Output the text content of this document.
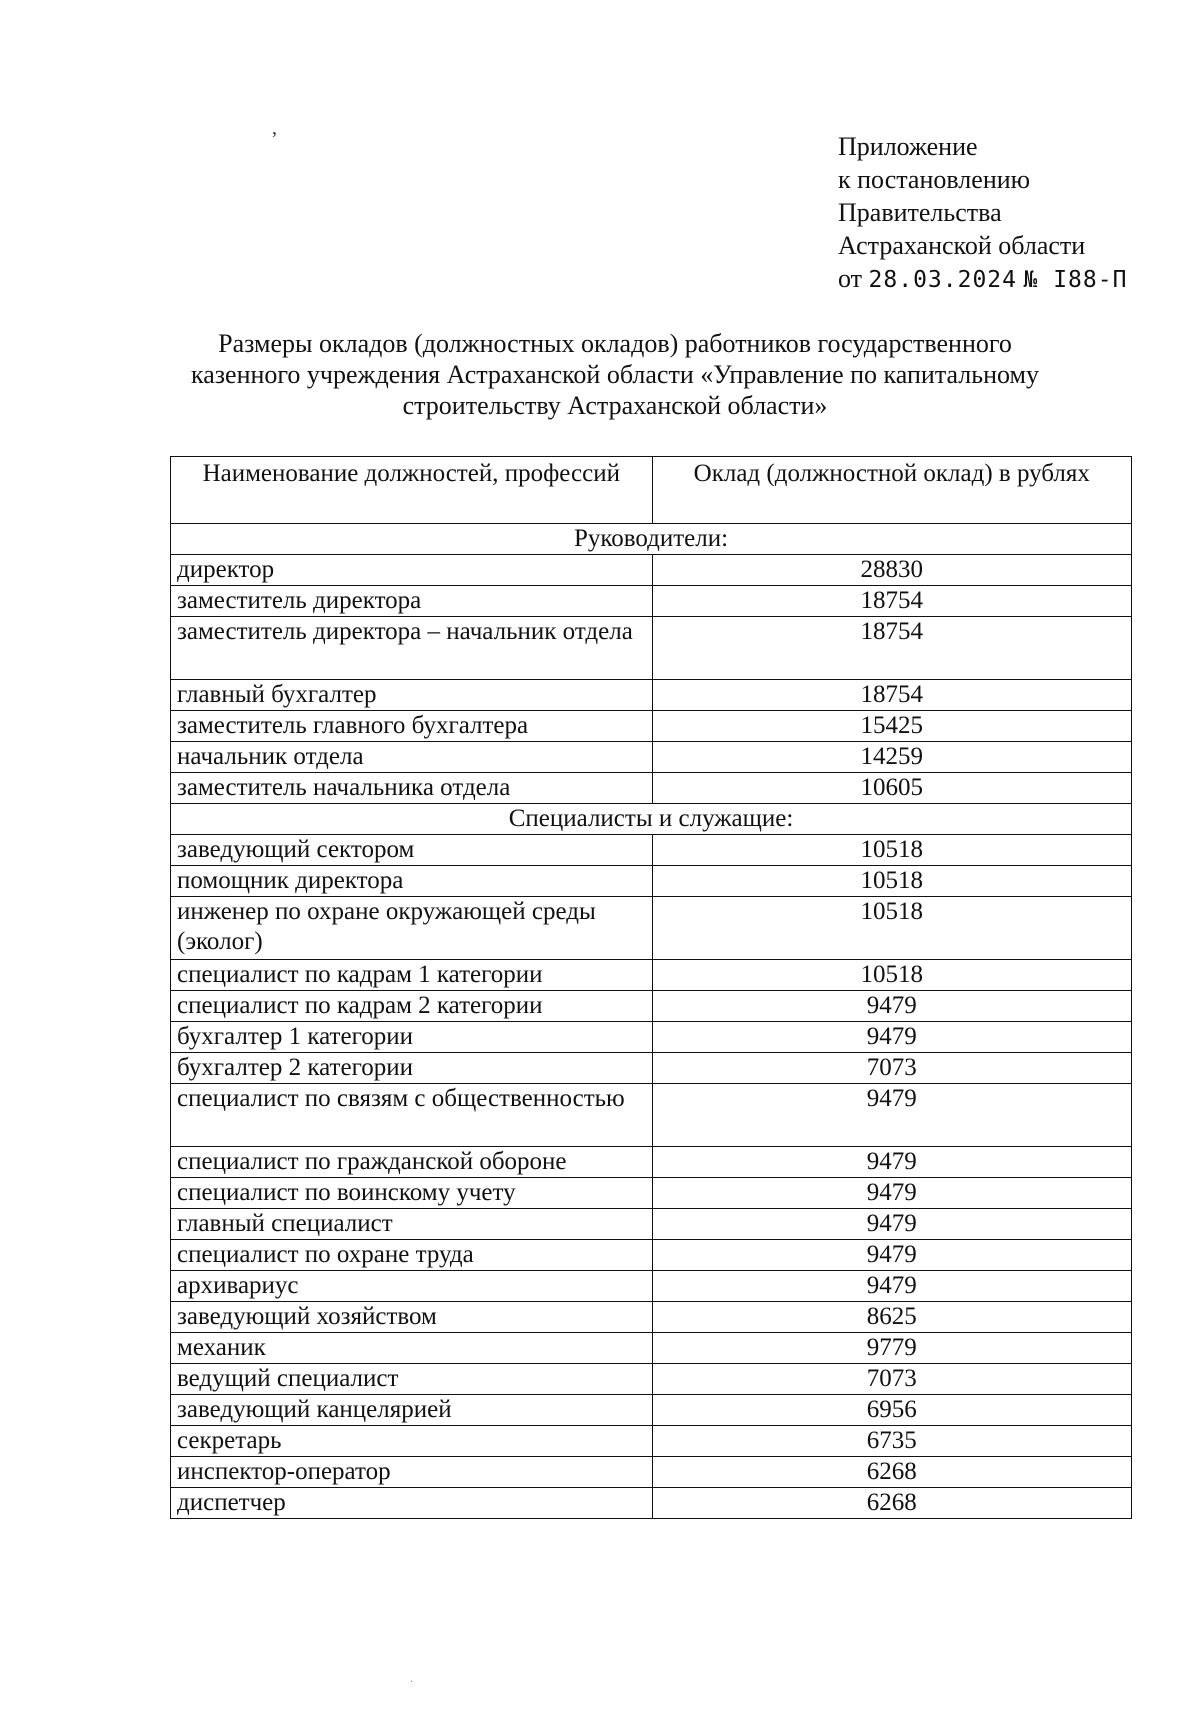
,
.
Приложение
к постановлению
Правительства
Астраханской области
от 28.03.2024 № I88-П
Размеры окладов (должностных окладов) работников государственного
казенного учреждения Астраханской области «Управление по капитальному
строительству Астраханской области»
Наименование должностей, профессий	Оклад (должностной оклад) в рублях
Руководители:	
директор	28830
заместитель директора	18754
заместитель директора – начальник отдела	18754
главный бухгалтер	18754
заместитель главного бухгалтера	15425
начальник отдела	14259
заместитель начальника отдела	10605
Специалисты и служащие:	
заведующий сектором	10518
помощник директора	10518
инженер по охране окружающей среды (эколог)	10518
специалист по кадрам 1 категории	10518
специалист по кадрам 2 категории	9479
бухгалтер 1 категории	9479
бухгалтер 2 категории	7073
специалист по связям с общественностью	9479
специалист по гражданской обороне	9479
специалист по воинскому учету	9479
главный специалист	9479
специалист по охране труда	9479
архивариус	9479
заведующий хозяйством	8625
механик	9779
ведущий специалист	7073
заведующий канцелярией	6956
секретарь	6735
инспектор-оператор	6268
диспетчер	6268
